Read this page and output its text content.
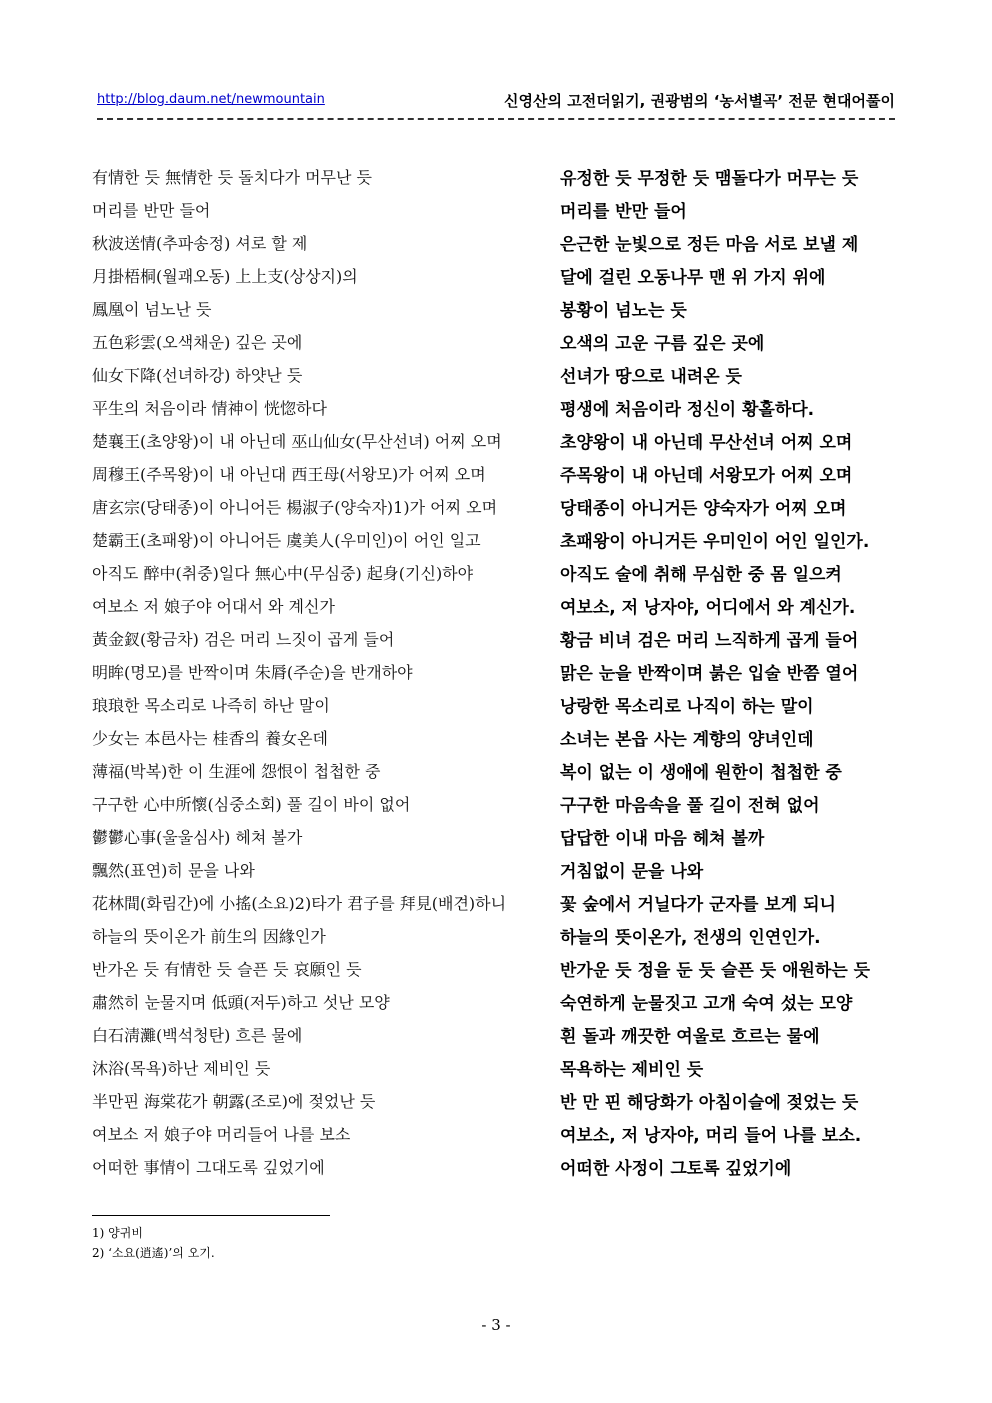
http://blog.daum.net/newmountain	신영산의 고전더읽기, 권광범의 ‘농서별곡’ 전문 현대어풀이
有情한 듯 無情한 듯 돌치다가 머무난 듯	유정한 듯 무정한 듯 맴돌다가 머무는 듯
머리를 반만 들어	머리를 반만 들어
秋波送情(추파송정) 셔로 할 제	은근한 눈빛으로 정든 마음 서로 보낼 제
月掛梧桐(월괘오동) 上上支(상상지)의	달에 걸린 오동나무 맨 위 가지 위에
鳳凰이 넘노난 듯	봉황이 넘노는 듯
五色彩雲(오색채운) 깊은 곳에	오색의 고운 구름 깊은 곳에
仙女下降(선녀하강) 하얏난 듯	선녀가 땅으로 내려온 듯
平生의 처음이라 情神이 恍惚하다	평생에 처음이라 정신이 황홀하다.
楚襄王(초양왕)이 내 아닌데 巫山仙女(무산선녀) 어찌 오며	초양왕이 내 아닌데 무산선녀 어찌 오며
周穆王(주목왕)이 내 아닌대 西王母(서왕모)가 어찌 오며	주목왕이 내 아닌데 서왕모가 어찌 오며
唐玄宗(당태종)이 아니어든 楊淑子(양숙자)1)가 어찌 오며	당태종이 아니거든 양숙자가 어찌 오며
楚霸王(초패왕)이 아니어든 虞美人(우미인)이 어인 일고	초패왕이 아니거든 우미인이 어인 일인가.
아직도 醉中(취중)일다 無心中(무심중) 起身(기신)하야	아직도 술에 취해 무심한 중 몸 일으켜
여보소 저 娘子야 어대서 와 계신가	여보소, 저 낭자야, 어디에서 와 계신가.
黃金釵(황금차) 검은 머리 느짓이 곱게 들어	황금 비녀 검은 머리 느직하게 곱게 들어
明眸(명모)를 반짝이며 朱脣(주순)을 반개하야	맑은 눈을 반짝이며 붉은 입술 반쯤 열어
琅琅한 목소리로 나즉히 하난 말이	낭랑한 목소리로 나직이 하는 말이
少女는 本邑사는 桂香의 養女온데	소녀는 본읍 사는 계향의 양녀인데
薄福(박복)한 이 生涯에 怨恨이 첩첩한 중	복이 없는 이 생애에 원한이 첩첩한 중
구구한 心中所懷(심중소회) 풀 길이 바이 없어	구구한 마음속을 풀 길이 전혀 없어
鬱鬱心事(울울심사) 헤쳐 볼가	답답한 이내 마음 헤쳐 볼까
飄然(표연)히 문을 나와	거침없이 문을 나와
花林間(화림간)에 小搖(소요)2)타가 君子를 拜見(배견)하니	꽃 숲에서 거닐다가 군자를 보게 되니
하늘의 뜻이온가 前生의 因緣인가	하늘의 뜻이온가, 전생의 인연인가.
반가온 듯 有情한 듯 슬픈 듯 哀願인 듯	반가운 듯 정을 둔 듯 슬픈 듯 애원하는 듯
肅然히 눈물지며 低頭(저두)하고 섯난 모양	숙연하게 눈물짓고 고개 숙여 섰는 모양
白石淸灘(백석청탄) 흐른 물에	흰 돌과 깨끗한 여울로 흐르는 물에
沐浴(목욕)하난 제비인 듯	목욕하는 제비인 듯
半만핀 海棠花가 朝露(조로)에 젖었난 듯	반 만 핀 해당화가 아침이슬에 젖었는 듯
여보소 저 娘子야 머리들어 나를 보소	여보소, 저 낭자야, 머리 들어 나를 보소.
어떠한 事情이 그대도록 깊었기에	어떠한 사정이 그토록 깊었기에
1) 양귀비
2) ‘소요(逍遙)’의 오기.
- 3 -
